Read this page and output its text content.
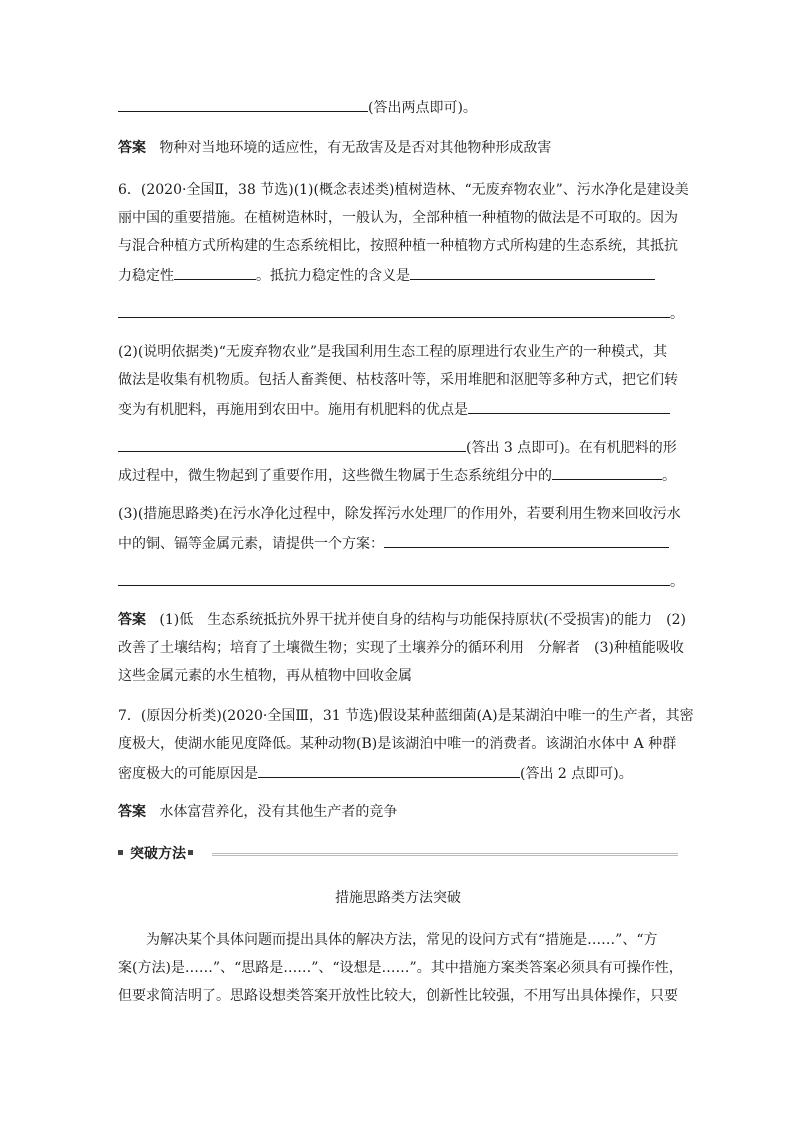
(答出两点即可)。
答案 物种对当地环境的适应性，有无敌害及是否对其他物种形成敌害
6．(2020·全国Ⅱ，38 节选)(1)(概念表述类)植树造林、“无废弃物农业”、污水净化是建设美
丽中国的重要措施。在植树造林时，一般认为，全部种植一种植物的做法是不可取的。因为
与混合种植方式所构建的生态系统相比，按照种植一种植物方式所构建的生态系统，其抵抗
力稳定性	。抵抗力稳定性的含义是
。
(2)(说明依据类)“无废弃物农业”是我国利用生态工程的原理进行农业生产的一种模式，其
做法是收集有机物质。包括人畜粪便、枯枝落叶等，采用堆肥和沤肥等多种方式，把它们转
变为有机肥料，再施用到农田中。施用有机肥料的优点是
(答出 3 点即可)。在有机肥料的形
成过程中，微生物起到了重要作用，这些微生物属于生态系统组分中的	。
(3)(措施思路类)在污水净化过程中，除发挥污水处理厂的作用外，若要利用生物来回收污水
中的铜、镉等金属元素，请提供一个方案：
。
答案 (1)低　生态系统抵抗外界干扰并使自身的结构与功能保持原状(不受损害)的能力　(2)
改善了土壤结构；培育了土壤微生物；实现了土壤养分的循环利用　分解者　(3)种植能吸收
这些金属元素的水生植物，再从植物中回收金属
7．(原因分析类)(2020·全国Ⅲ，31 节选)假设某种蓝细菌(A)是某湖泊中唯一的生产者，其密
度极大，使湖水能见度降低。某种动物(B)是该湖泊中唯一的消费者。该湖泊水体中 A 种群
密度极大的可能原因是	(答出 2 点即可)。
答案 水体富营养化，没有其他生产者的竞争
突破方法
措施思路类方法突破
为解决某个具体问题而提出具体的解决方法，常见的设问方式有“措施是……”、“方
案(方法)是……”、“思路是……”、“设想是……”。其中措施方案类答案必须具有可操作性，
但要求简洁明了。思路设想类答案开放性比较大，创新性比较强，不用写出具体操作，只要
